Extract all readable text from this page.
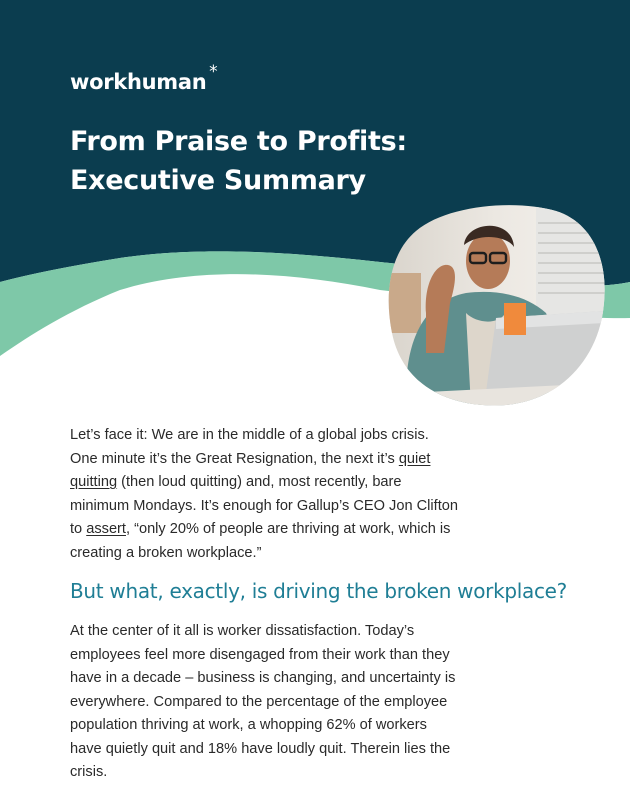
workhuman *
From Praise to Profits:
Executive Summary

Let’s face it: We are in the middle of a global jobs crisis. One minute it’s the Great Resignation, the next it’s quiet quitting (then loud quitting) and, most recently, bare minimum Mondays. It’s enough for Gallup’s CEO Jon Clifton to assert, “only 20% of people are thriving at work, which is creating a broken workplace.”

But what, exactly, is driving the broken workplace?

At the center of it all is worker dissatisfaction. Today’s employees feel more disengaged from their work than they have in a decade – business is changing, and uncertainty is everywhere. Compared to the percentage of the employee population thriving at work, a whopping 62% of workers have quietly quit and 18% have loudly quit. Therein lies the crisis.
